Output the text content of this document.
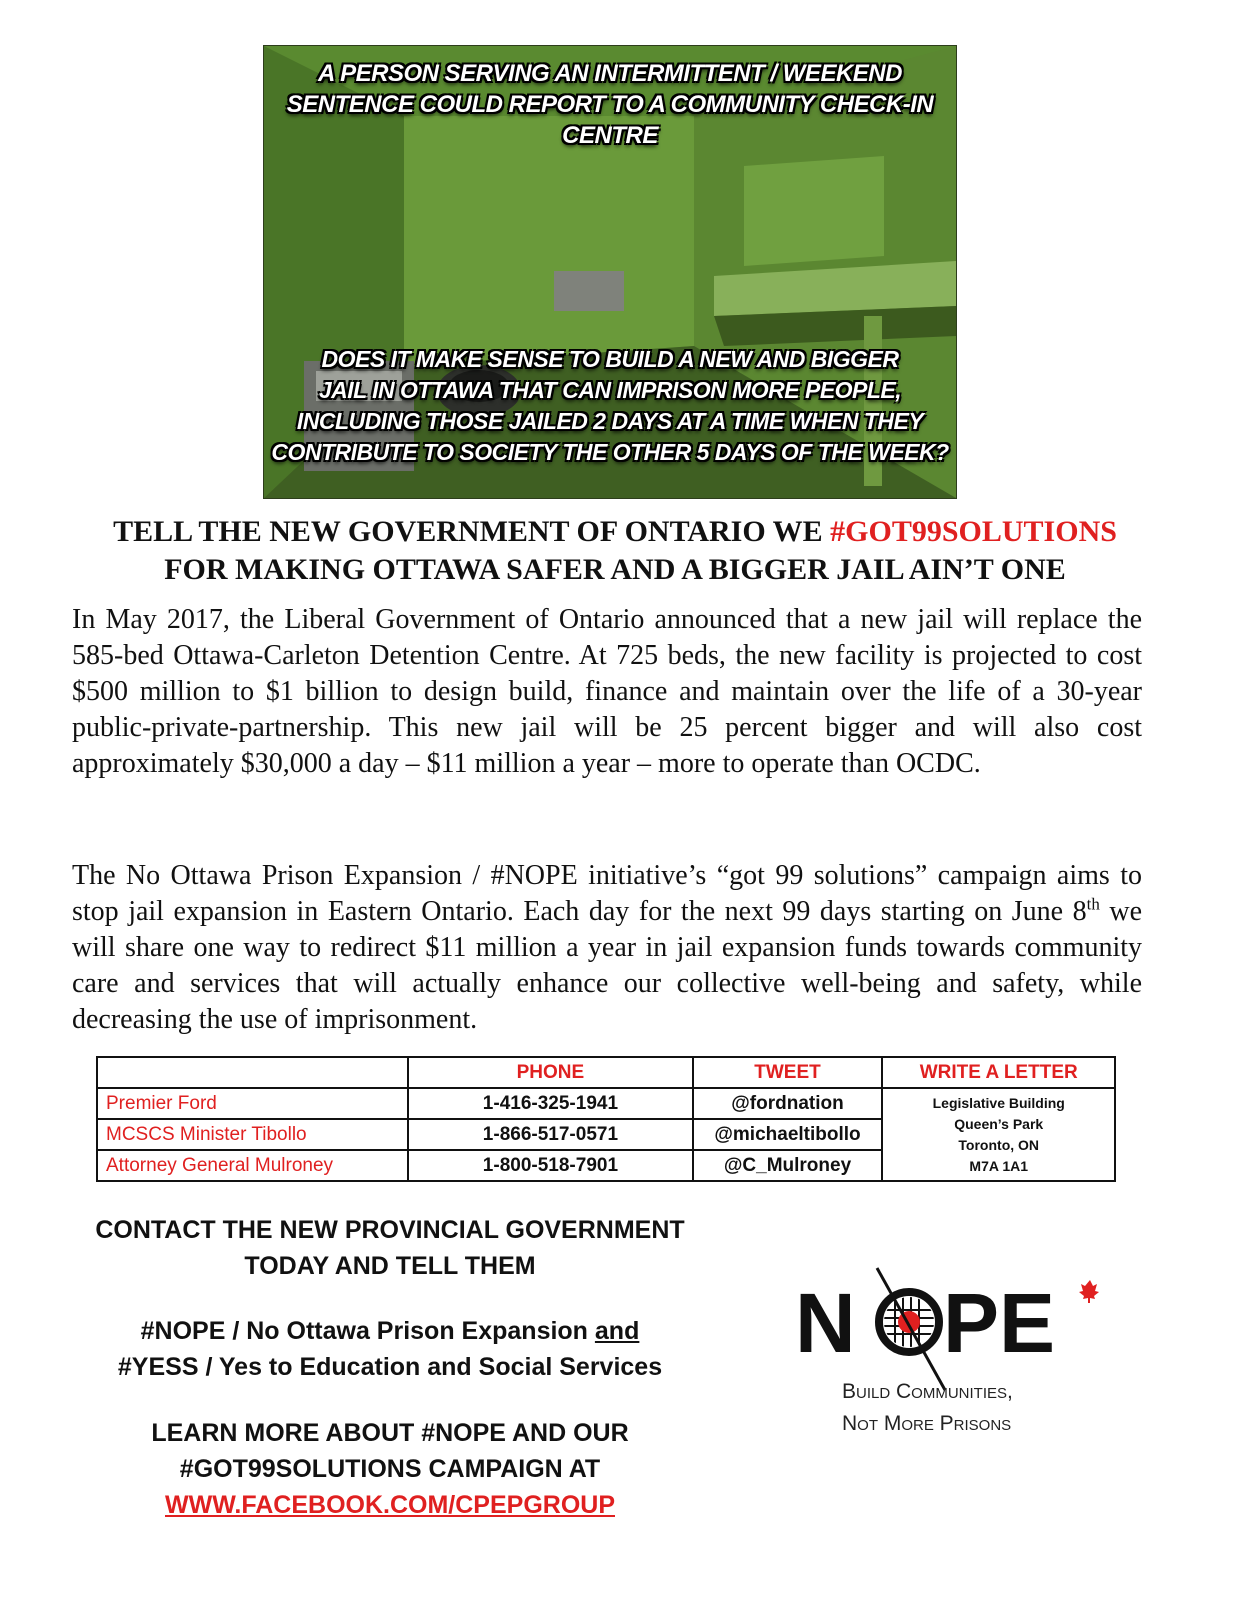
A PERSON SERVING AN INTERMITTENT / WEEKEND
SENTENCE COULD REPORT TO A COMMUNITY CHECK-IN CENTRE
DOES IT MAKE SENSE TO BUILD A NEW AND BIGGER
JAIL IN OTTAWA THAT CAN IMPRISON MORE PEOPLE,
INCLUDING THOSE JAILED 2 DAYS AT A TIME WHEN THEY
CONTRIBUTE TO SOCIETY THE OTHER 5 DAYS OF THE WEEK?
TELL THE NEW GOVERNMENT OF ONTARIO WE #GOT99SOLUTIONS
FOR MAKING OTTAWA SAFER AND A BIGGER JAIL AIN’T ONE
In May 2017, the Liberal Government of Ontario announced that a new jail will replace the 585-bed Ottawa-Carleton Detention Centre. At 725 beds, the new facility is projected to cost $500 million to $1 billion to design build, finance and maintain over the life of a 30-year public-private-partnership. This new jail will be 25 percent bigger and will also cost approximately $30,000 a day – $11 million a year – more to operate than OCDC.
The No Ottawa Prison Expansion / #NOPE initiative’s “got 99 solutions” campaign aims to stop jail expansion in Eastern Ontario. Each day for the next 99 days starting on June 8th we will share one way to redirect $11 million a year in jail expansion funds towards community care and services that will actually enhance our collective well-being and safety, while decreasing the use of imprisonment.
	PHONE	TWEET	WRITE A LETTER
Premier Ford	1-416-325-1941	@fordnation	Legislative Building
Queen’s Park
Toronto, ON
M7A 1A1

MCSCS Minister Tibollo	1-866-517-0571	@michaeltibollo	
Attorney General Mulroney	1-800-518-7901	@C_Mulroney	
CONTACT THE NEW PROVINCIAL GOVERNMENT
TODAY AND TELL THEM
#NOPE / No Ottawa Prison Expansion and
#YESS / Yes to Education and Social Services
LEARN MORE ABOUT #NOPE AND OUR
#GOT99SOLUTIONS CAMPAIGN AT
WWW.FACEBOOK.COM/CPEPGROUP
N PE
Build Communities,
Not More Prisons
